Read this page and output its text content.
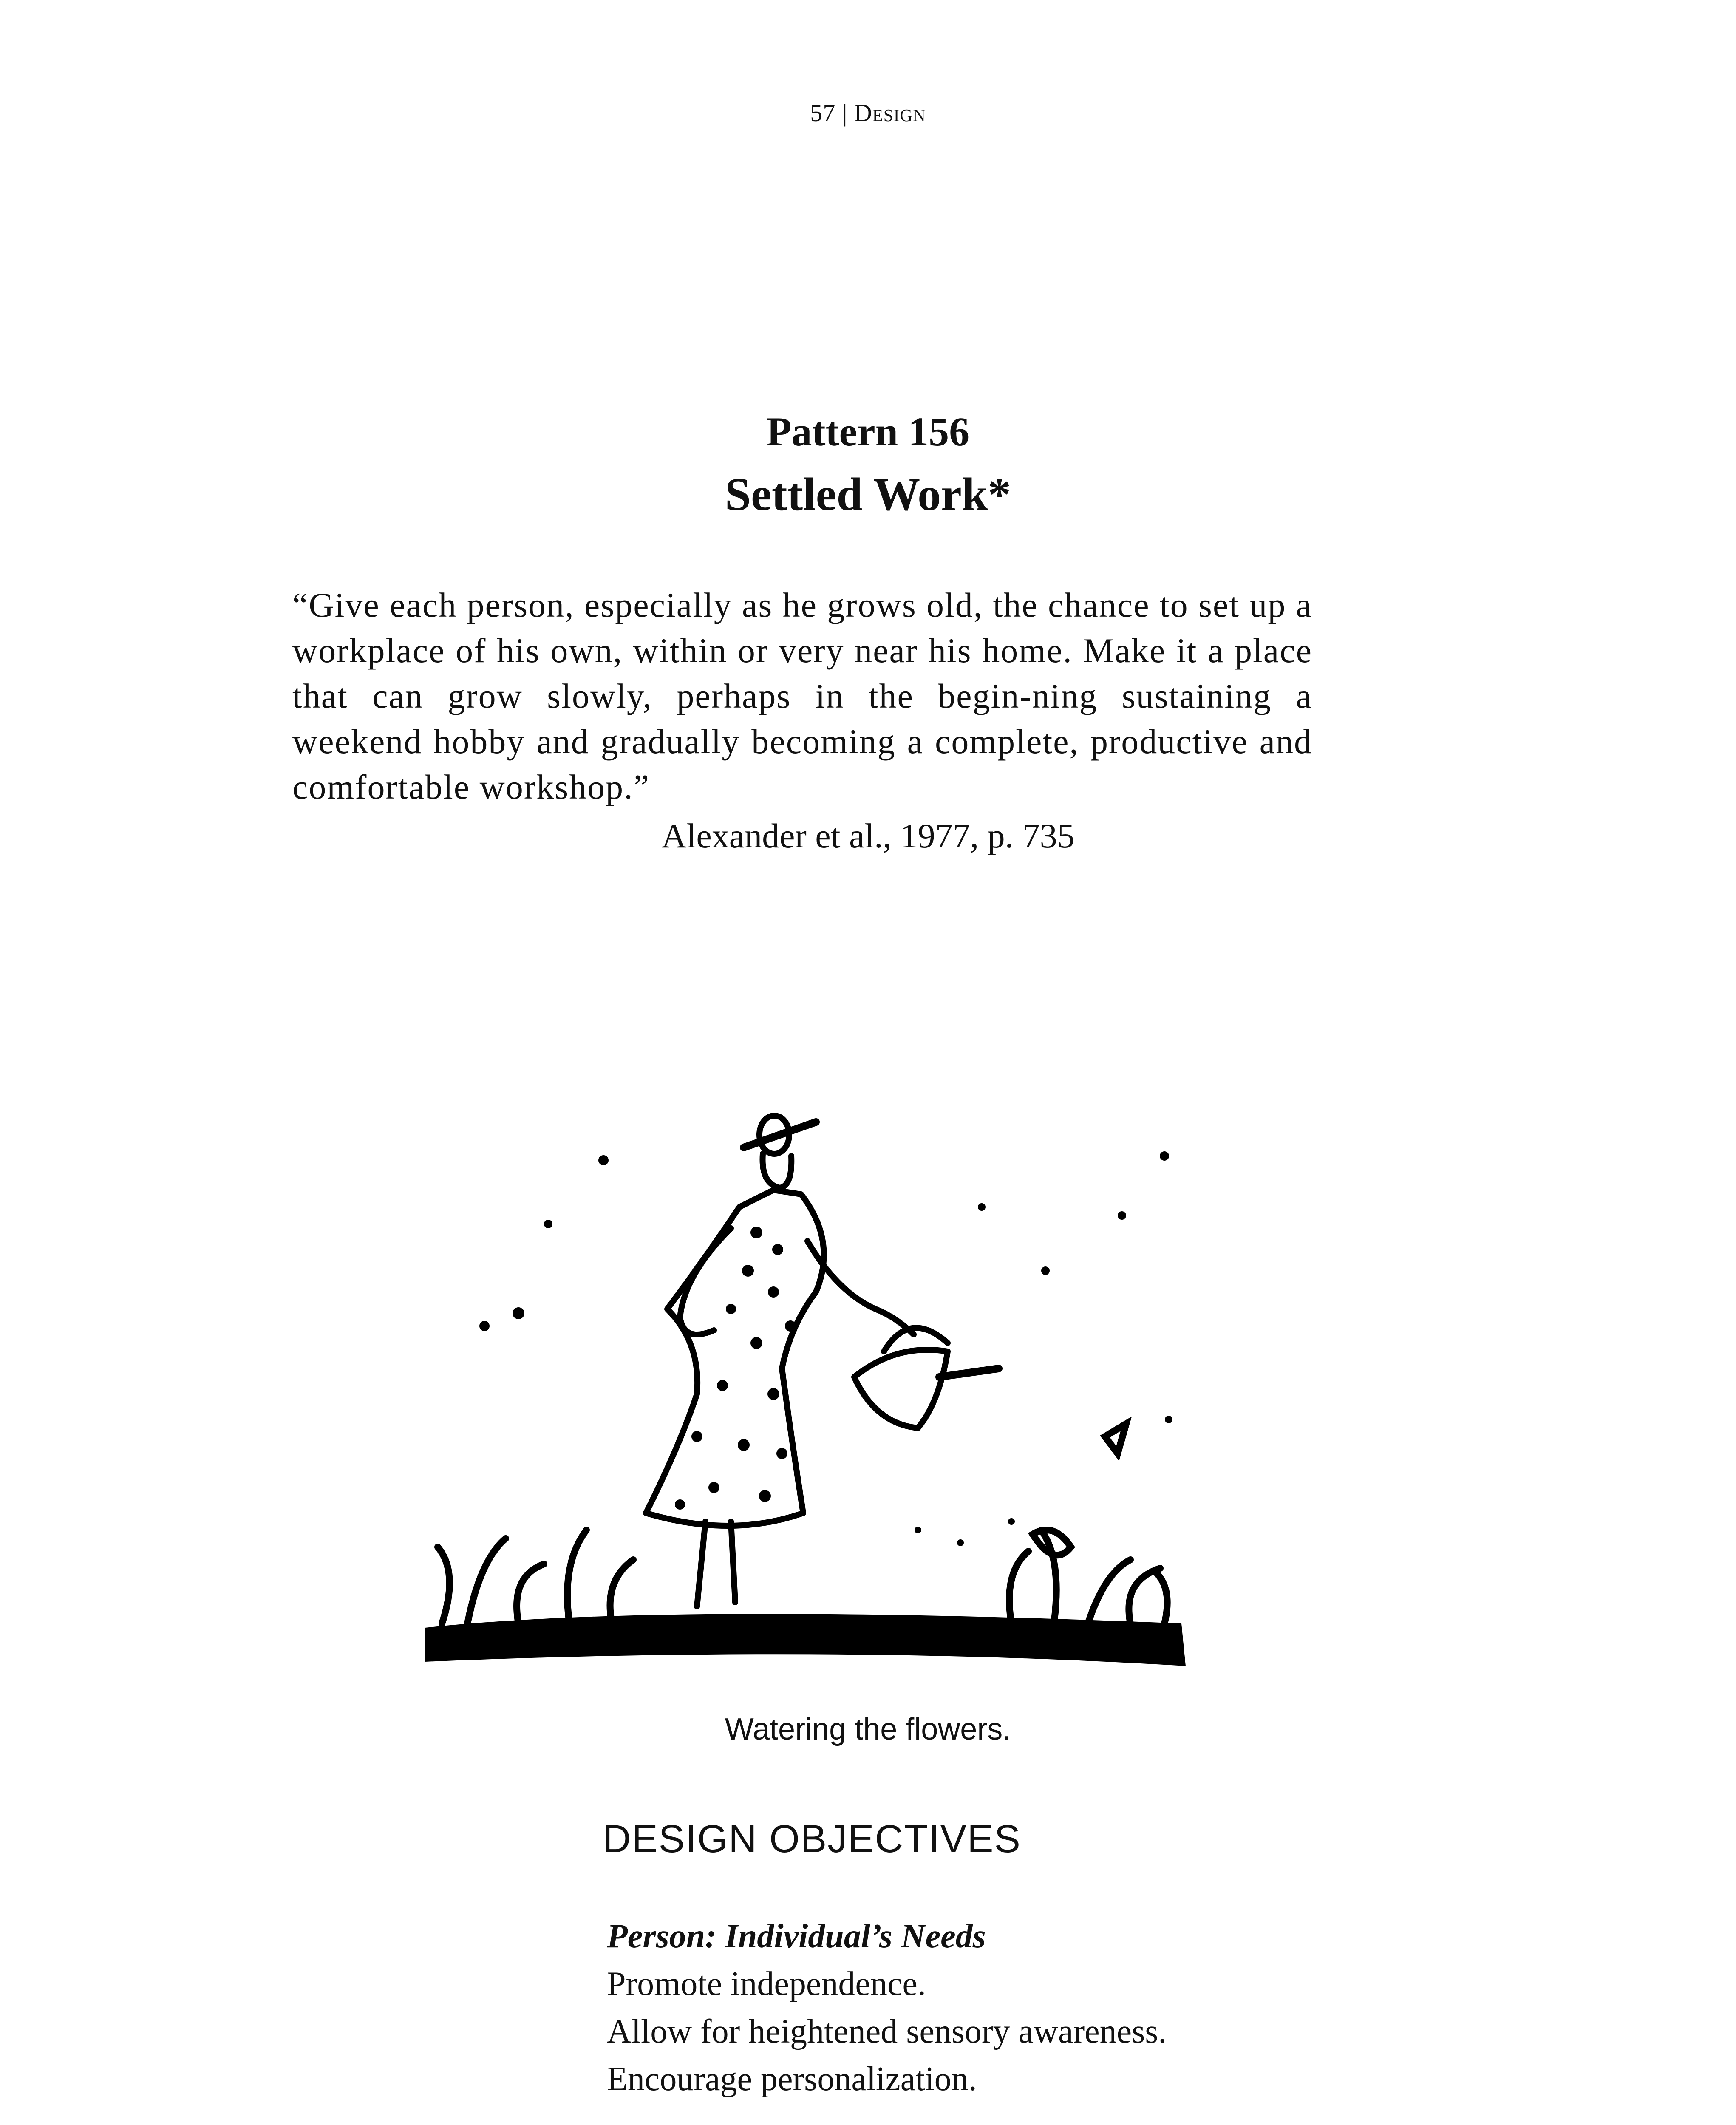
57 | Design
Pattern 156
Settled Work*
“Give each person, especially as he grows old, the chance to set up a workplace of his own, within or very near his home. Make it a place that can grow slowly, perhaps in the begin-ning sustaining a weekend hobby and gradually becoming a complete, productive and comfortable workshop.”
Alexander et al., 1977, p. 735
Watering the flowers.
DESIGN OBJECTIVES
Person: Individual’s Needs
Promote independence.
Allow for heightened sensory awareness.
Encourage personalization.
